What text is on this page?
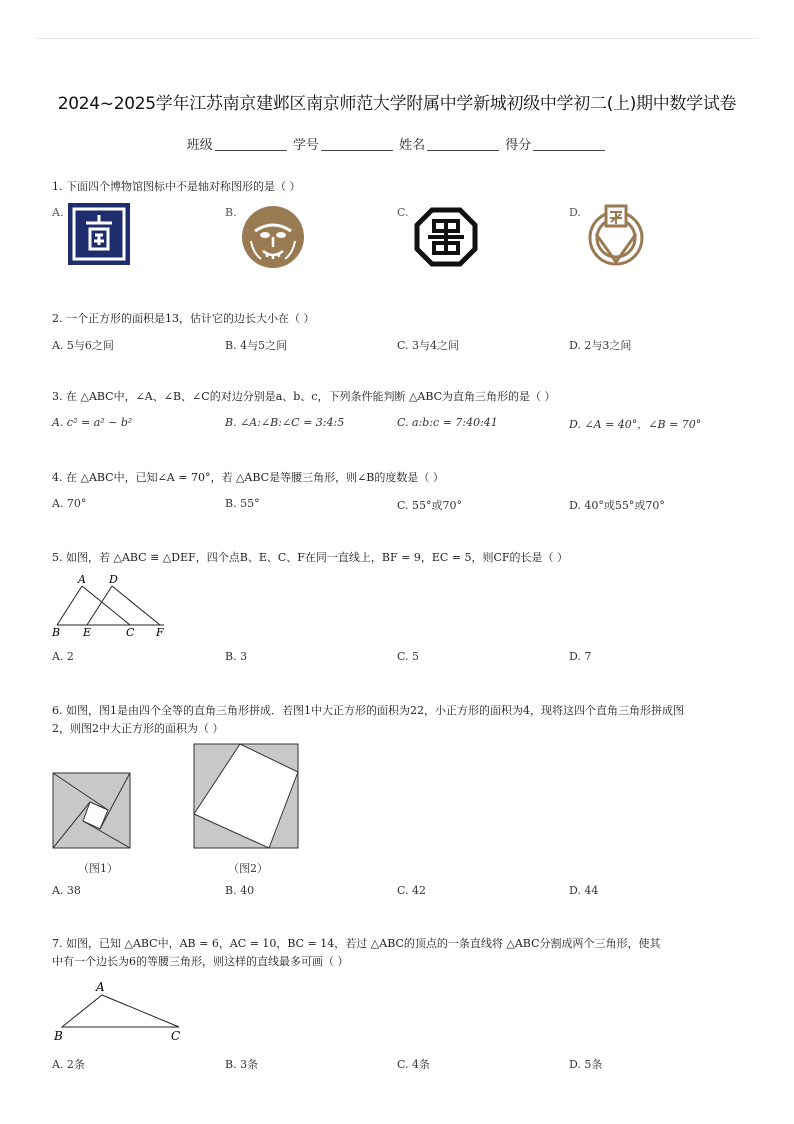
2024~2025学年江苏南京建邺区南京师范大学附属中学新城初级中学初二(上)期中数学试卷
班级	学号	姓名	得分
1. 下面四个博物馆图标中不是轴对称图形的是（ ）
A.	B.	C.	D.
2. 一个正方形的面积是13，估计它的边长大小在（ ）
A. 5与6之间	B. 4与5之间	C. 3与4之间	D. 2与3之间
3. 在 △ABC中，∠A、∠B、∠C的对边分别是a、b、c，下列条件能判断 △ABC为直角三角形的是（ ）
A. c² = a² − b²	B. ∠A:∠B:∠C = 3:4:5	C. a:b:c = 7:40:41	D. ∠A = 40°，∠B = 70°
4. 在 △ABC中，已知∠A = 70°，若 △ABC是等腰三角形，则∠B的度数是（ ）
A. 70°	B. 55°	C. 55°或70°	D. 40°或55°或70°
5. 如图，若 △ABC ≌ △DEF，四个点B、E、C、F在同一直线上，BF = 9，EC = 5，则CF的长是（ ）
A D
B E	C F
A. 2	B. 3	C. 5	D. 7
6. 如图，图1是由四个全等的直角三角形拼成．若图1中大正方形的面积为22，小正方形的面积为4，现将这四个直角三角形拼成图
2，则图2中大正方形的面积为（ ）
（图1）	（图2）
A. 38	B. 40	C. 42	D. 44
7. 如图，已知 △ABC中，AB = 6，AC = 10，BC = 14，若过 △ABC的顶点的一条直线将 △ABC分割成两个三角形，使其
中有一个边长为6的等腰三角形，则这样的直线最多可画（ ）
A
B	C
A. 2条	B. 3条	C. 4条	D. 5条
